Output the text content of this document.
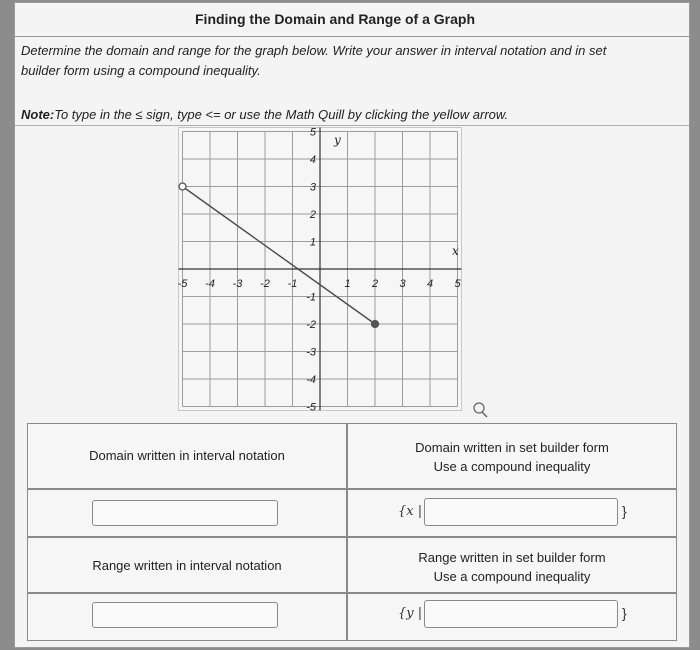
Finding the Domain and Range of a Graph
Determine the domain and range for the graph below. Write your answer in interval notation and in set
builder form using a compound inequality.
Note:To type in the ≤ sign, type <= or use the Math Quill by clicking the yellow arrow.
x
y
-5 -4 -3 -2 -1	1 2 3 4 5
5
4
3
2
1
-1
-2
-3
-4
-5
Domain written in interval notation
Domain written in set builder form
Use a compound inequality
{x |	}
Range written in interval notation
Range written in set builder form
Use a compound inequality
{y |	}
